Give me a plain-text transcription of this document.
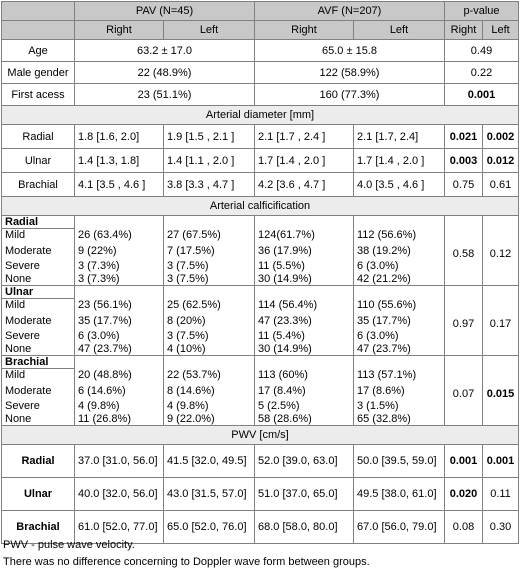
	PAV (N=45)		AVF (N=207)		p-value	
	Right	Left	Right	Left	Right	Left
Age	63.2 ± 17.0		65.0 ± 15.8		0.49	
Male gender	22 (48.9%)		122 (58.9%)		0.22	
First acess	23 (51.1%)		160 (77.3%)		0.001	
Arterial diameter [mm]						
Radial	1.8 [1.6, 2.0]	1.9 [1.5 , 2.1 ]	2.1 [1.7 , 2.4 ]	2.1 [1.7, 2.4]	0.021	0.002
Ulnar	1.4 [1.3, 1.8]	1.4 [1.1 , 2.0 ]	1.7 [1.4 , 2.0 ]	1.7 [1.4 , 2.0 ]	0.003	0.012
Brachial	4.1 [3.5 , 4.6 ]	3.8 [3.3 , 4.7 ]	4.2 [3.6 , 4.7 ]	4.0 [3.5 , 4.6 ]	0.75	0.61
Arterial calficification						
Radial						
Mild	26 (63.4%)	27 (67.5%)	124(61.7%)	112 (56.6%)		
Moderate	9 (22%)	7 (17.5%)	36 (17.9%)	38 (19.2%)	0.58	0.12
Severe	3 (7.3%)	3 (7.5%)	11 (5.5%)	6 (3.0%)		
None	3 (7.3%)	3 (7.5%)	30 (14.9%)	42 (21.2%)		
Ulnar						
Mild	23 (56.1%)	25 (62.5%)	114 (56.4%)	110 (55.6%)		
Moderate	35 (17.7%)	8 (20%)	47 (23.3%)	35 (17.7%)	0.97	0.17
Severe	6 (3.0%)	3 (7.5%)	11 (5.4%)	6 (3.0%)		
None	47 (23.7%)	4 (10%)	30 (14.9%)	47 (23.7%)		
Brachial						
Mild	20 (48.8%)	22 (53.7%)	113 (60%)	113 (57.1%)		
Moderate	6 (14.6%)	8 (14.6%)	17 (8.4%)	17 (8.6%)	0.07	0.015
Severe	4 (9.8%)	4 (9.8%)	5 (2.5%)	3 (1.5%)		
None	11 (26.8%)	9 (22.0%)	58 (28.6%)	65 (32.8%)		
PWV [cm/s]						
Radial	37.0 [31.0, 56.0]	41.5 [32.0, 49.5]	52.0 [39.0, 63.0]	50.0 [39.5, 59.0]	0.001	0.001
Ulnar	40.0 [32.0, 56.0]	43.0 [31.5, 57.0]	51.0 [37.0, 65.0]	49.5 [38.0, 61.0]	0.020	0.11
Brachial	61.0 [52.0, 77.0]	65.0 [52.0, 76.0]	68.0 [58.0, 80.0]	67.0 [56.0, 79.0]	0.08	0.30
PWV - pulse wave velocity.
There was no difference concerning to Doppler wave form between groups.
